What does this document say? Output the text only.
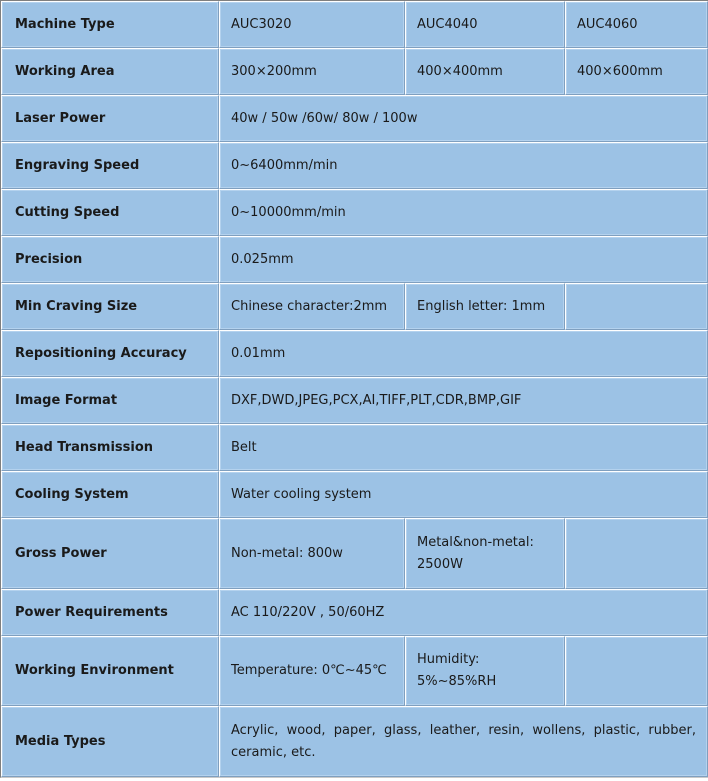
Machine Type	AUC3020	AUC4040	AUC4060
Working Area	300×200mm	400×400mm	400×600mm
Laser Power	40w / 50w /60w/ 80w / 100w		
Engraving Speed	0~6400mm/min		
Cutting Speed	0~10000mm/min		
Precision	0.025mm		
Min Craving Size	Chinese character:2mm	English letter: 1mm	
Repositioning Accuracy	0.01mm		
Image Format	DXF,DWD,JPEG,PCX,AI,TIFF,PLT,CDR,BMP,GIF		
Head Transmission	Belt		
Cooling System	Water cooling system		
Gross Power	Non-metal: 800w	Metal&non-metal: 2500W	
Power Requirements	AC 110/220V , 50/60HZ		
Working Environment	Temperature: 0℃~45℃	Humidity: 5%~85%RH	
Media Types	Acrylic, wood, paper, glass, leather, resin, wollens, plastic, rubber, ceramic, etc.		
